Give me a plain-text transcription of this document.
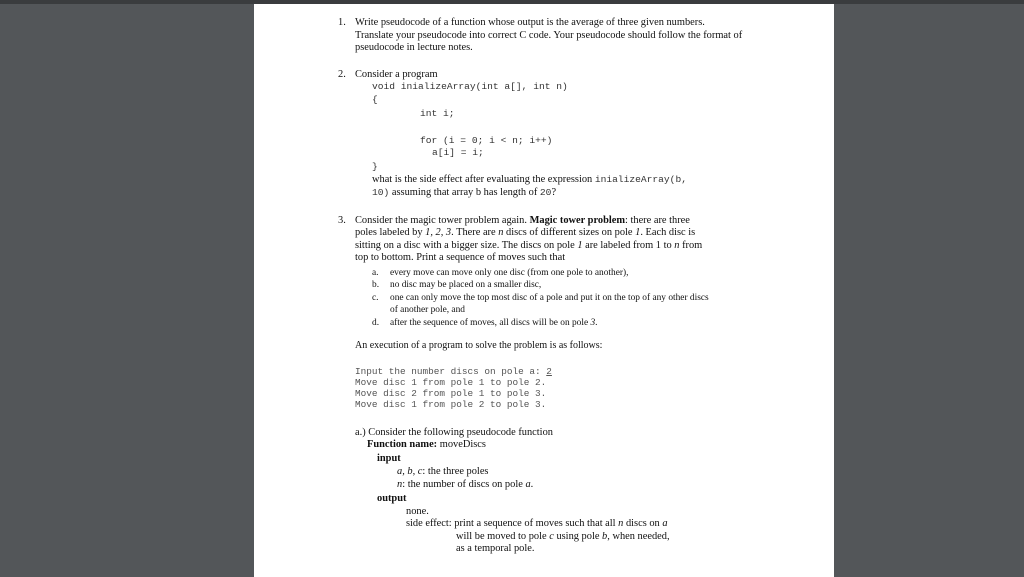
1. Write pseudocode of a function whose output is the average of three given numbers.
Translate your pseudocode into correct C code. Your pseudocode should follow the format of
pseudocode in lecture notes.
2. Consider a program
void inializeArray(int a[], int n)
{
int i;
for (i = 0; i < n; i++)
a[i] = i;
}
what is the side effect after evaluating the expression inializeArray(b,
10) assuming that array b has length of 20?
3. Consider the magic tower problem again. Magic tower problem: there are three
poles labeled by 1, 2, 3. There are n discs of different sizes on pole 1. Each disc is
sitting on a disc with a bigger size. The discs on pole 1 are labeled from 1 to n from
top to bottom. Print a sequence of moves such that
a. every move can move only one disc (from one pole to another),
b. no disc may be placed on a smaller disc,
c. one can only move the top most disc of a pole and put it on the top of any other discs
of another pole, and
d. after the sequence of moves, all discs will be on pole 3.
An execution of a program to solve the problem is as follows:
Input the number discs on pole a: 2
Move disc 1 from pole 1 to pole 2.
Move disc 2 from pole 1 to pole 3.
Move disc 1 from pole 2 to pole 3.
a.) Consider the following pseudocode function
Function name: moveDiscs
input
a, b, c: the three poles
n: the number of discs on pole a.
output
none.
side effect: print a sequence of moves such that all n discs on a
will be moved to pole c using pole b, when needed,
as a temporal pole.
